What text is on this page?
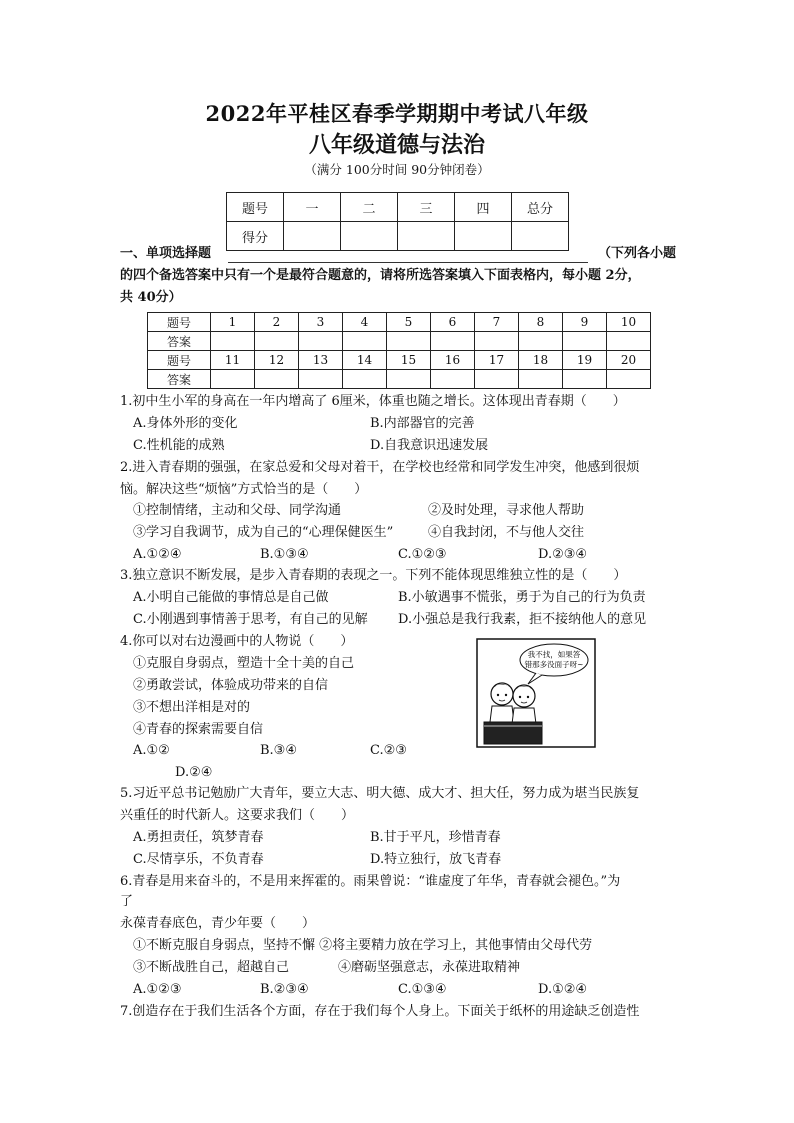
2022年平桂区春季学期期中考试八年级
八年级道德与法治
（满分 100分时间 90分钟闭卷）
题号	一	二	三	四	总分
得分					
一、单项选择题	（下列各小题
的四个备选答案中只有一个是最符合题意的，请将所选答案填入下面表格内，每小题 2分，
共 40分）
题号	1	2	3	4	5	6	7	8	9	10
答案										
题号	11	12	13	14	15	16	17	18	19	20
答案										
1.初中生小军的身高在一年内增高了 6厘米，体重也随之增长。这体现出青春期（　　）
A.身体外形的变化	B.内部器官的完善
C.性机能的成熟	D.自我意识迅速发展
2.进入青春期的强强，在家总爱和父母对着干，在学校也经常和同学发生冲突，他感到很烦
恼。解决这些“烦恼”方式恰当的是（　　）
①控制情绪，主动和父母、同学沟通	②及时处理，寻求他人帮助
③学习自我调节，成为自己的“心理保健医生”	④自我封闭，不与他人交往
A.①②④	B.①③④	C.①②③	D.②③④
3.独立意识不断发展，是步入青春期的表现之一。下列不能体现思维独立性的是（　　）
A.小明自己能做的事情总是自己做	B.小敏遇事不慌张，勇于为自己的行为负责
C.小刚遇到事情善于思考，有自己的见解 D.小强总是我行我素，拒不接纳他人的意见
4.你可以对右边漫画中的人物说（　　）
①克服自身弱点，塑造十全十美的自己
②勇敢尝试，体验成功带来的自信
③不想出洋相是对的
④青春的探索需要自信
A.①②	B.③④	C.②③
D.②④
我不找，如果答
错那多没面子呀~
5.习近平总书记勉励广大青年，要立大志、明大德、成大才、担大任，努力成为堪当民族复
兴重任的时代新人。这要求我们（　　）
A.勇担责任，筑梦青春	B.甘于平凡，珍惜青春
C.尽情享乐，不负青春	D.特立独行，放飞青春
6.青春是用来奋斗的，不是用来挥霍的。雨果曾说：“谁虚度了年华，青春就会褪色。”为
了
永葆青春底色，青少年要（　　）
①不断克服自身弱点，坚持不懈 ②将主要精力放在学习上，其他事情由父母代劳
③不断战胜自己，超越自己	④磨砺坚强意志，永葆进取精神
A.①②③	B.②③④	C.①③④	D.①②④
7.创造存在于我们生活各个方面，存在于我们每个人身上。下面关于纸杯的用途缺乏创造性
